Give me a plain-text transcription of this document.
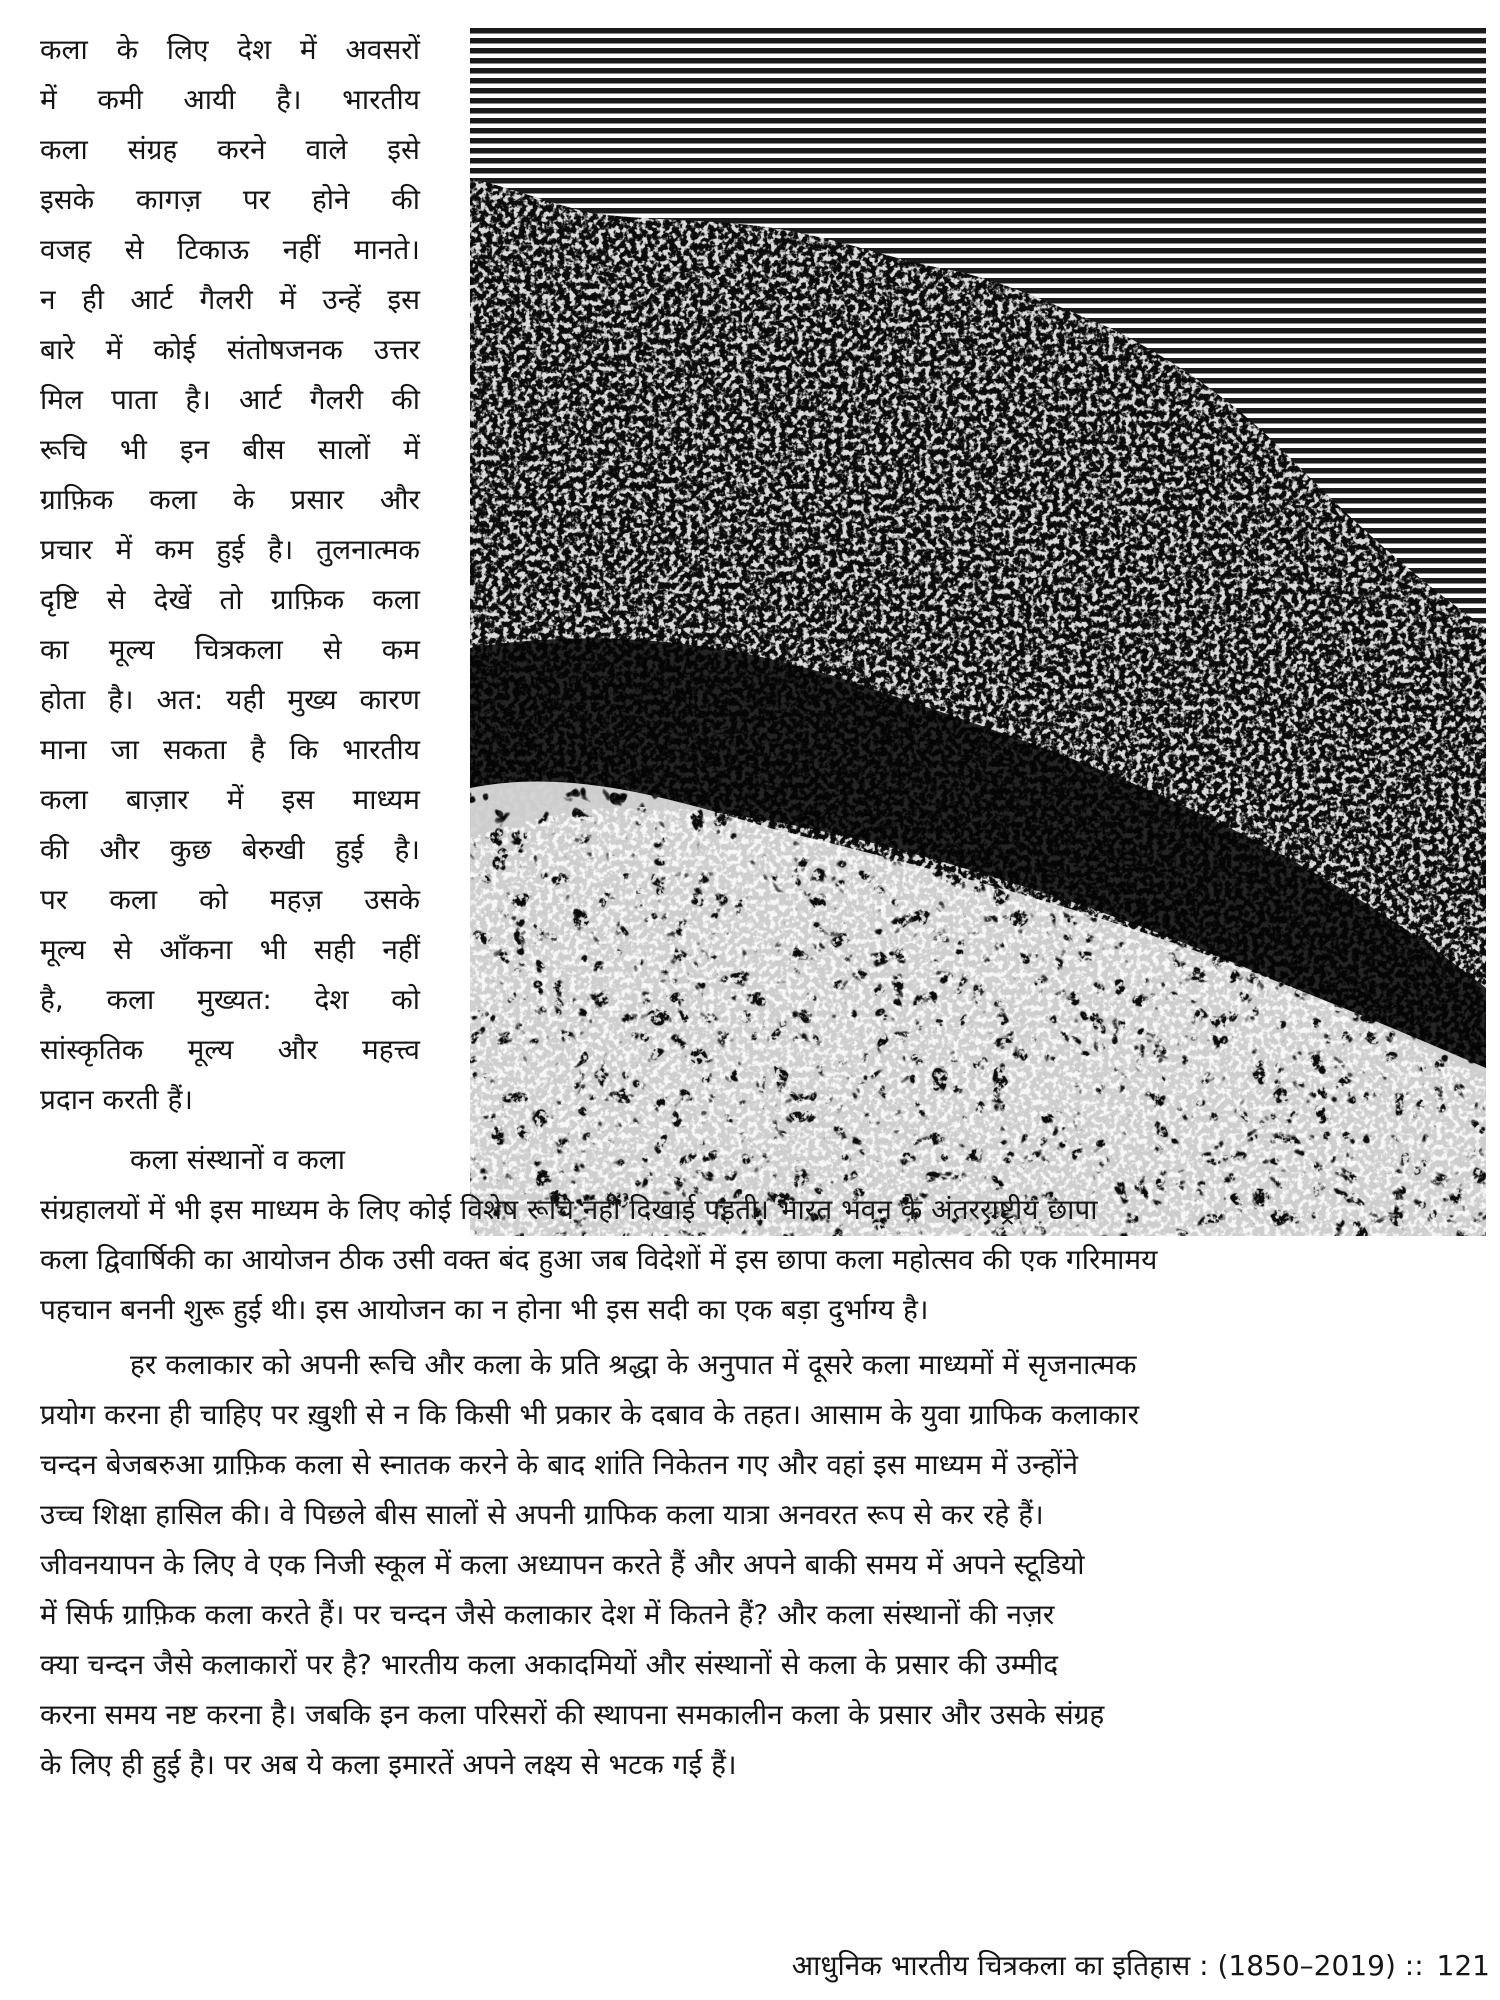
कला के लिए देश में अवसरों

में कमी आयी है। भारतीय

कला संग्रह करने वाले इसे

इसके कागज़ पर होने की

वजह से टिकाऊ नहीं मानते।

न ही आर्ट गैलरी में उन्हें इस

बारे में कोई संतोषजनक उत्तर

मिल पाता है। आर्ट गैलरी की

रूचि भी इन बीस सालों में

ग्राफ़िक कला के प्रसार और

प्रचार में कम हुई है। तुलनात्मक

दृष्टि से देखें तो ग्राफ़िक कला

का मूल्य चित्रकला से कम

होता है। अत: यही मुख्य कारण

माना जा सकता है कि भारतीय

कला बाज़ार में इस माध्यम

की और कुछ बेरुखी हुई है।

पर कला को महज़ उसके

मूल्य से आँकना भी सही नहीं

है, कला मुख्यत: देश को

सांस्कृतिक मूल्य और महत्त्व

प्रदान करती हैं।

कला संस्थानों व कला

संग्रहालयों में भी इस माध्यम के लिए कोई विशेष रूचि नहीं दिखाई पड़ती। भारत भवन के अंतरराष्ट्रीय छापा

कला द्विवार्षिकी का आयोजन ठीक उसी वक्त बंद हुआ जब विदेशों में इस छापा कला महोत्सव की एक गरिमामय

पहचान बननी शुरू हुई थी। इस आयोजन का न होना भी इस सदी का एक बड़ा दुर्भाग्य है।

हर कलाकार को अपनी रूचि और कला के प्रति श्रद्धा के अनुपात में दूसरे कला माध्यमों में सृजनात्मक

प्रयोग करना ही चाहिए पर ख़ुशी से न कि किसी भी प्रकार के दबाव के तहत। आसाम के युवा ग्राफिक कलाकार

चन्दन बेजबरुआ ग्राफ़िक कला से स्नातक करने के बाद शांति निकेतन गए और वहां इस माध्यम में उन्होंने

उच्च शिक्षा हासिल की। वे पिछले बीस सालों से अपनी ग्राफिक कला यात्रा अनवरत रूप से कर रहे हैं।

जीवनयापन के लिए वे एक निजी स्कूल में कला अध्यापन करते हैं और अपने बाकी समय में अपने स्टूडियो

में सिर्फ ग्राफ़िक कला करते हैं। पर चन्दन जैसे कलाकार देश में कितने हैं? और कला संस्थानों की नज़र

क्या चन्दन जैसे कलाकारों पर है? भारतीय कला अकादमियों और संस्थानों से कला के प्रसार की उम्मीद

करना समय नष्ट करना है। जबकि इन कला परिसरों की स्थापना समकालीन कला के प्रसार और उसके संग्रह

के लिए ही हुई है। पर अब ये कला इमारतें अपने लक्ष्य से भटक गई हैं।

आधुनिक भारतीय चित्रकला का इतिहास : (1850–2019) :: 121
